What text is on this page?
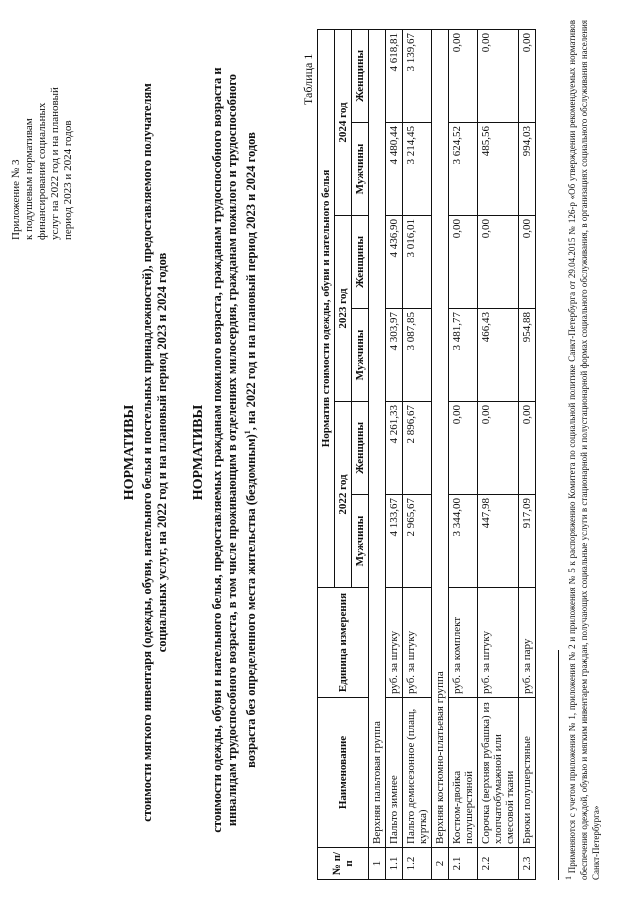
Приложение № 3 к подушевым нормативам финансирования социальных услуг на 2022 год и на плановый период 2023 и 2024 годов
НОРМАТИВЫ стоимости мягкого инвентаря (одежды, обуви, нательного белья и постельных принадлежностей), предоставляемого получателям социальных услуг, на 2022 год и на плановый период 2023 и 2024 годов НОРМАТИВЫ стоимости одежды, обуви и нательного белья, предоставляемых гражданам пожилого возраста, гражданам трудоспособного возраста и инвалидам трудоспособного возраста, в том числе проживающим в отделениях милосердия, гражданам пожилого и трудоспособного возраста без определенного места жительства (бездомным)$^1$, на 2022 год и на плановый период 2023 и 2024 годов
Таблица 1
№ п/п	Наименование	Единица измерения	Норматив стоимости одежды, обуви и нательного белья					
			2022 год		2023 год		2024 год	
			Мужчины	Женщины	Мужчины	Женщины	Мужчины	Женщины
1	Верхняя пальтовая группа							
1.1	Пальто зимнее	руб. за штуку	4 133,67	4 261,33	4 303,97	4 436,90	4 480,44	4 618,81
1.2	Пальто демисезонное (плащ, куртка)	руб. за штуку	2 965,67	2 896,67	3 087,85	3 016,01	3 214,45	3 139,67
2	Верхняя костюмно-платьевая группа							
2.1	Костюм-двойка полушерстяной	руб. за комплект	3 344,00	0,00	3 481,77	0,00	3 624,52	0,00
2.2	Сорочка (верхняя рубашка) из хлопчатобумажной или смесовой ткани	руб. за штуку	447,98	0,00	466,43	0,00	485,56	0,00
2.3	Брюки полушерстяные	руб. за пару	917,09	0,00	954,88	0,00	994,03	0,00
$^1$ Применяются с учетом приложения № 1, приложения № 2 и приложения № 5 к распоряжению Комитета по социальной политике Санкт-Петербурга от 29.04.2015 № 126-р «Об утверждении рекомендуемых нормативов обеспечения одеждой, обувью и мягким инвентарем граждан, получающих социальные услуги в стационарной и полустационарной формах социального обслуживания, в организациях социального обслуживания населения Санкт-Петербурга»
